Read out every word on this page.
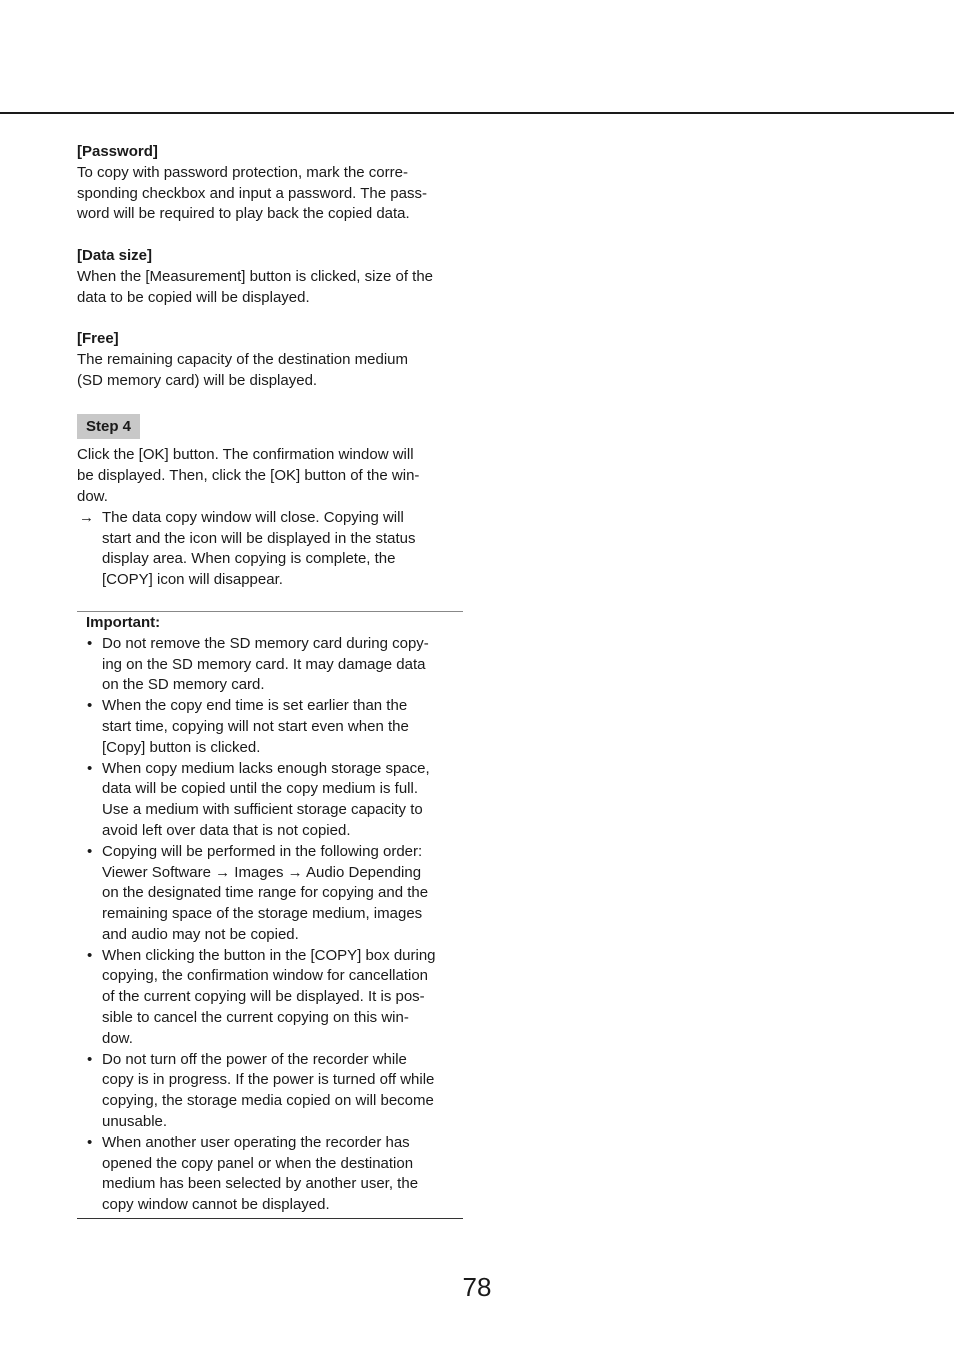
[Password]

To copy with password protection, mark the corre-

sponding checkbox and input a password. The pass-

word will be required to play back the copied data.

[Data size]

When the [Measurement] button is clicked, size of the

data to be copied will be displayed.

[Free]

The remaining capacity of the destination medium

(SD memory card) will be displayed.

Step 4

Click the [OK] button. The confirmation window will

be displayed. Then, click the [OK] button of the win-

dow.

→ The data copy window will close. Copying will

start and the icon will be displayed in the status

display area. When copying is complete, the

[COPY] icon will disappear.

Important:

• Do not remove the SD memory card during copy-
ing on the SD memory card. It may damage data
on the SD memory card.
• When the copy end time is set earlier than the
start time, copying will not start even when the
[Copy] button is clicked.
• When copy medium lacks enough storage space,
data will be copied until the copy medium is full.
Use a medium with sufficient storage capacity to
avoid left over data that is not copied.
• Copying will be performed in the following order:
Viewer Software → Images → Audio Depending
on the designated time range for copying and the
remaining space of the storage medium, images
and audio may not be copied.
• When clicking the button in the [COPY] box during
copying, the confirmation window for cancellation
of the current copying will be displayed. It is pos-
sible to cancel the current copying on this win-
dow.
• Do not turn off the power of the recorder while
copy is in progress. If the power is turned off while
copying, the storage media copied on will become
unusable.
• When another user operating the recorder has
opened the copy panel or when the destination
medium has been selected by another user, the
copy window cannot be displayed.
78
